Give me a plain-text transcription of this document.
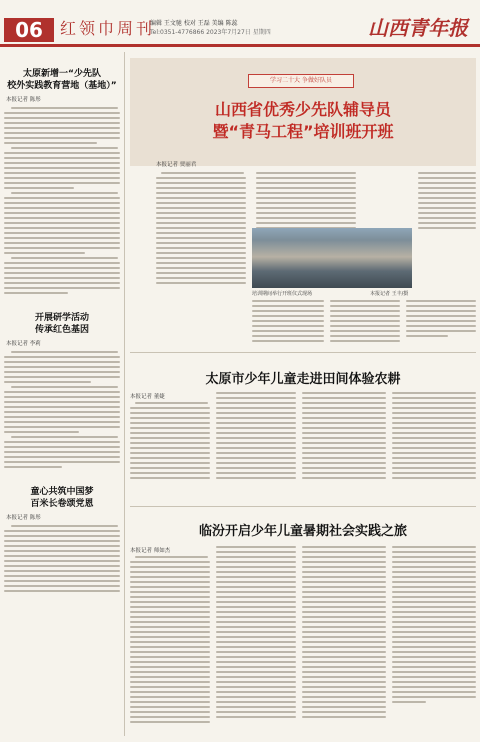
06	红领巾周刊
编辑 王文驰 校对 王磊 美编 陈蕊
Tel:0351-4776866 2023年7月27日 星期四	山西青年报

太原新增一“少先队

校外实践教育营地（基地）”

本报记者 陈彤

开展研学活动

传承红色基因

本报记者 李莉

童心共筑中国梦

百米长卷颂党恩

本报记者 陈彤
学习二十大 争做好队员
山西省优秀少先队辅导员
暨“青马工程”培训班开班
本报记者 贾丽君
培训期间举行开班仪式现场	本报记者 王丰/摄
太原市少年儿童走进田间体验农耕
本报记者 董婕
临汾开启少年儿童暑期社会实践之旅
本报记者 师如杰
